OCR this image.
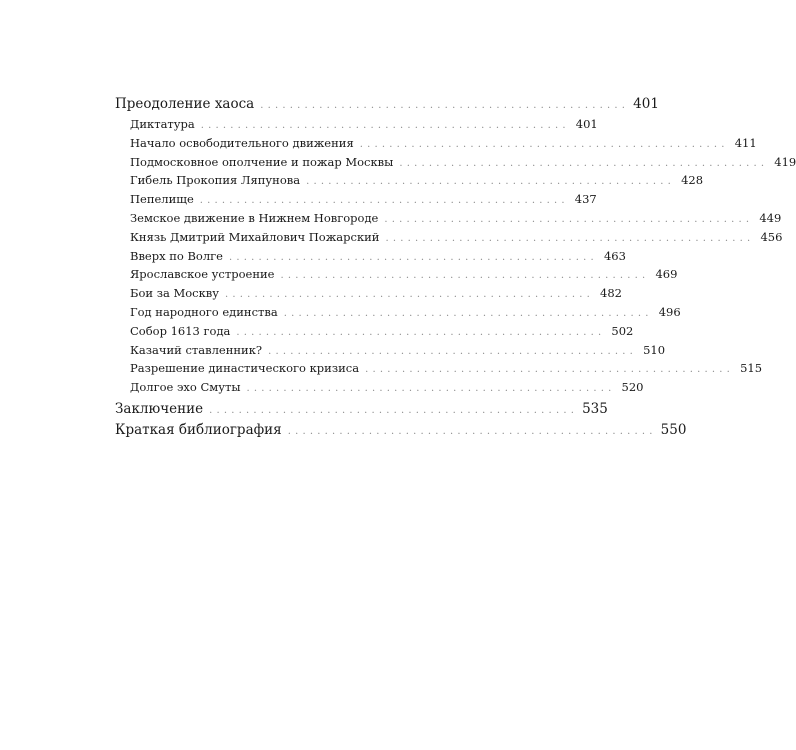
Преодоление хаоса .................................................. 401
Диктатура .................................................. 401
Начало освободительного движения .................................................. 411
Подмосковное ополчение и пожар Москвы .................................................. 419
Гибель Прокопия Ляпунова .................................................. 428
Пепелище .................................................. 437
Земское движение в Нижнем Новгороде .................................................. 449
Князь Дмитрий Михайлович Пожарский .................................................. 456
Вверх по Волге .................................................. 463
Ярославское устроение .................................................. 469
Бои за Москву .................................................. 482
Год народного единства .................................................. 496
Собор 1613 года .................................................. 502
Казачий ставленник? .................................................. 510
Разрешение династического кризиса .................................................. 515
Долгое эхо Смуты .................................................. 520
Заключение .................................................. 535
Краткая библиография .................................................. 550
